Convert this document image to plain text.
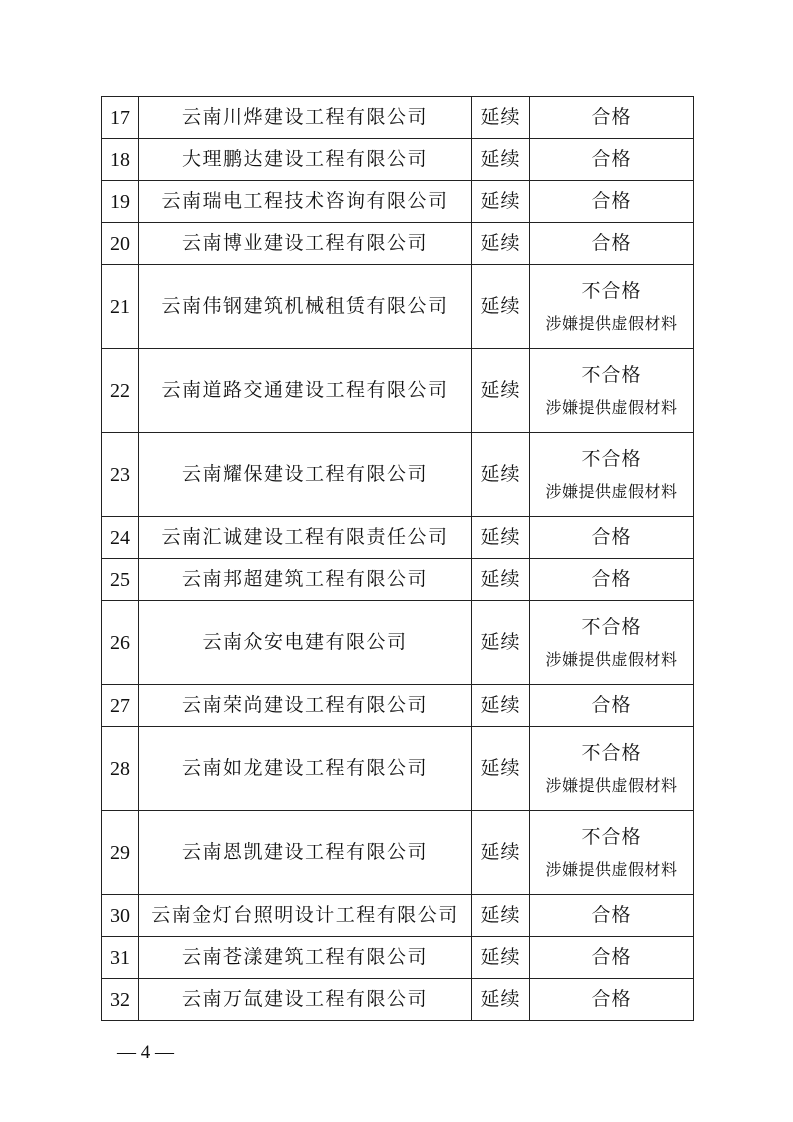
17	云南川烨建设工程有限公司	延续	合格

18	大理鹏达建设工程有限公司	延续	合格

19	云南瑞电工程技术咨询有限公司	延续	合格

20	云南博业建设工程有限公司	延续	合格

21	云南伟钢建筑机械租赁有限公司	延续	不合格
涉嫌提供虚假材料

22	云南道路交通建设工程有限公司	延续	不合格
涉嫌提供虚假材料

23	云南耀保建设工程有限公司	延续	不合格
涉嫌提供虚假材料

24	云南汇诚建设工程有限责任公司	延续	合格

25	云南邦超建筑工程有限公司	延续	合格

26	云南众安电建有限公司	延续	不合格
涉嫌提供虚假材料

27	云南荣尚建设工程有限公司	延续	合格

28	云南如龙建设工程有限公司	延续	不合格
涉嫌提供虚假材料

29	云南恩凯建设工程有限公司	延续	不合格
涉嫌提供虚假材料

30	云南金灯台照明设计工程有限公司	延续	合格

31	云南苍漾建筑工程有限公司	延续	合格

32	云南万氙建设工程有限公司	延续	合格
— 4 —
